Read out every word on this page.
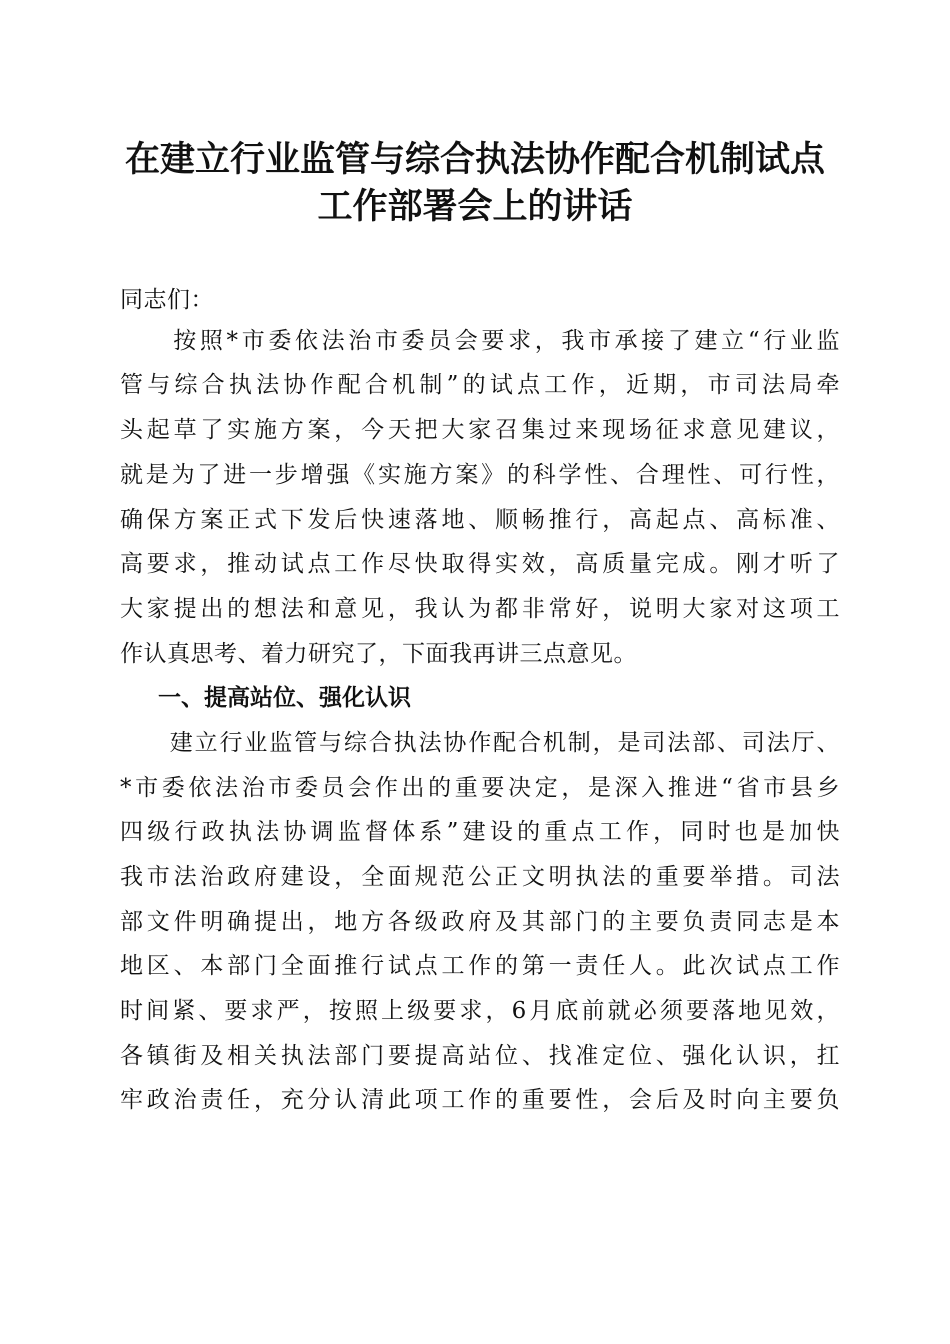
在建立行业监管与综合执法协作配合机制试点
工作部署会上的讲话
同志们：
　　按照*市委依法治市委员会要求，我市承接了建立“行业监
管与综合执法协作配合机制”的试点工作，近期，市司法局牵
头起草了实施方案，今天把大家召集过来现场征求意见建议，
就是为了进一步增强《实施方案》的科学性、合理性、可行性，
确保方案正式下发后快速落地、顺畅推行，高起点、高标准、
高要求，推动试点工作尽快取得实效，高质量完成。刚才听了
大家提出的想法和意见，我认为都非常好，说明大家对这项工
作认真思考、着力研究了，下面我再讲三点意见。
一、提高站位、强化认识
　　建立行业监管与综合执法协作配合机制，是司法部、司法厅、
*市委依法治市委员会作出的重要决定，是深入推进“省市县乡
四级行政执法协调监督体系”建设的重点工作，同时也是加快
我市法治政府建设，全面规范公正文明执法的重要举措。司法
部文件明确提出，地方各级政府及其部门的主要负责同志是本
地区、本部门全面推行试点工作的第一责任人。此次试点工作
时间紧、要求严，按照上级要求，6月底前就必须要落地见效，
各镇街及相关执法部门要提高站位、找准定位、强化认识，扛
牢政治责任，充分认清此项工作的重要性，会后及时向主要负
